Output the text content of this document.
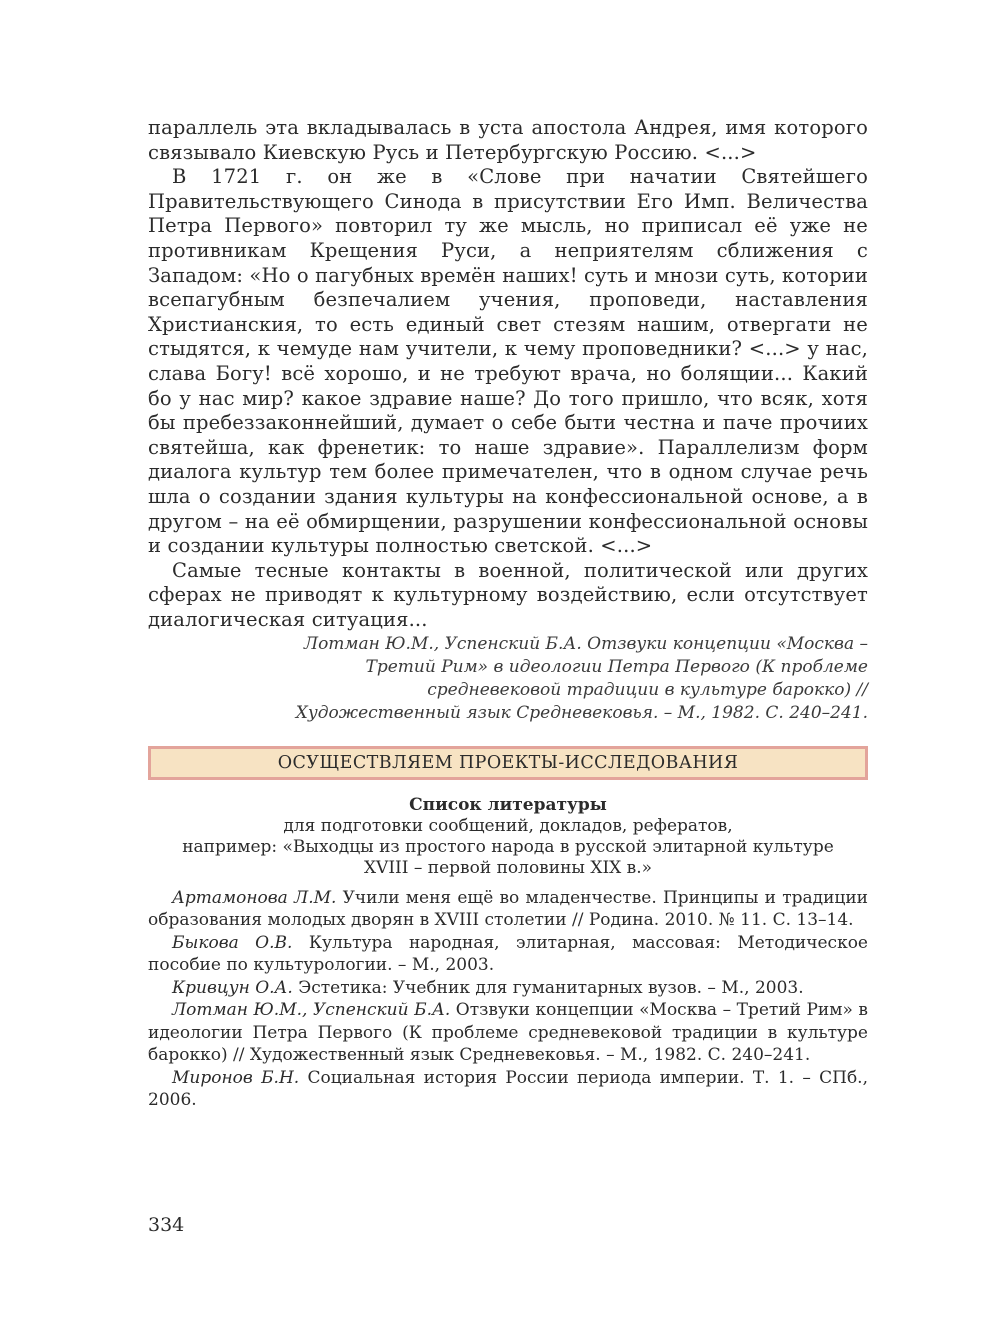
параллель эта вкладывалась в уста апостола Андрея, имя которого связывало Киевскую Русь и Петербургскую Россию. <...>

В 1721 г. он же в «Слове при начатии Святейшего Правительствующего Синода в присутствии Его Имп. Величества Петра Первого» повторил ту же мысль, но приписал её уже не противникам Крещения Руси, а неприятелям сближения с Западом: «Но о пагубных времён наших! суть и мнози суть, котории всепагубным безпечалием учения, проповеди, наставления Христианския, то есть единый свет стезям нашим, отвергати не стыдятся, к чемуде нам учители, к чему проповедники? <...> у нас, слава Богу! всё хорошо, и не требуют врача, но болящии... Какий бо у нас мир? какое здравие наше? До того пришло, что всяк, хотя бы пребеззаконнейший, думает о себе быти честна и паче прочиих святейша, как френетик: то наше здравие». Параллелизм форм диалога культур тем более примечателен, что в одном случае речь шла о создании здания культуры на конфессиональной основе, а в другом – на её обмирщении, разрушении конфессиональной основы и создании культуры полностью светской. <...>

Самые тесные контакты в военной, политической или других сферах не приводят к культурному воздействию, если отсутствует диалогическая ситуация...

Лотман Ю.М., Успенский Б.А. Отзвуки концепции «Москва –
Третий Рим» в идеологии Петра Первого (К проблеме
средневековой традиции в культуре барокко) //
Художественный язык Средневековья. – М., 1982. С. 240–241.
ОСУЩЕСТВЛЯЕМ ПРОЕКТЫ-ИССЛЕДОВАНИЯ
Список литературы
для подготовки сообщений, докладов, рефератов,
например: «Выходцы из простого народа в русской элитарной культуре
XVIII – первой половины XIX в.»

Артамонова Л.М. Учили меня ещё во младенчестве. Принципы и традиции образования молодых дворян в XVIII столетии // Родина. 2010. № 11. С. 13–14.

Быкова О.В. Культура народная, элитарная, массовая: Методическое пособие по культурологии. – М., 2003.

Кривцун О.А. Эстетика: Учебник для гуманитарных вузов. – М., 2003.

Лотман Ю.М., Успенский Б.А. Отзвуки концепции «Москва – Третий Рим» в идеологии Петра Первого (К проблеме средневековой традиции в культуре барокко) // Художественный язык Средневековья. – М., 1982. С. 240–241.

Миронов Б.Н. Социальная история России периода империи. Т. 1. – СПб., 2006.

334
